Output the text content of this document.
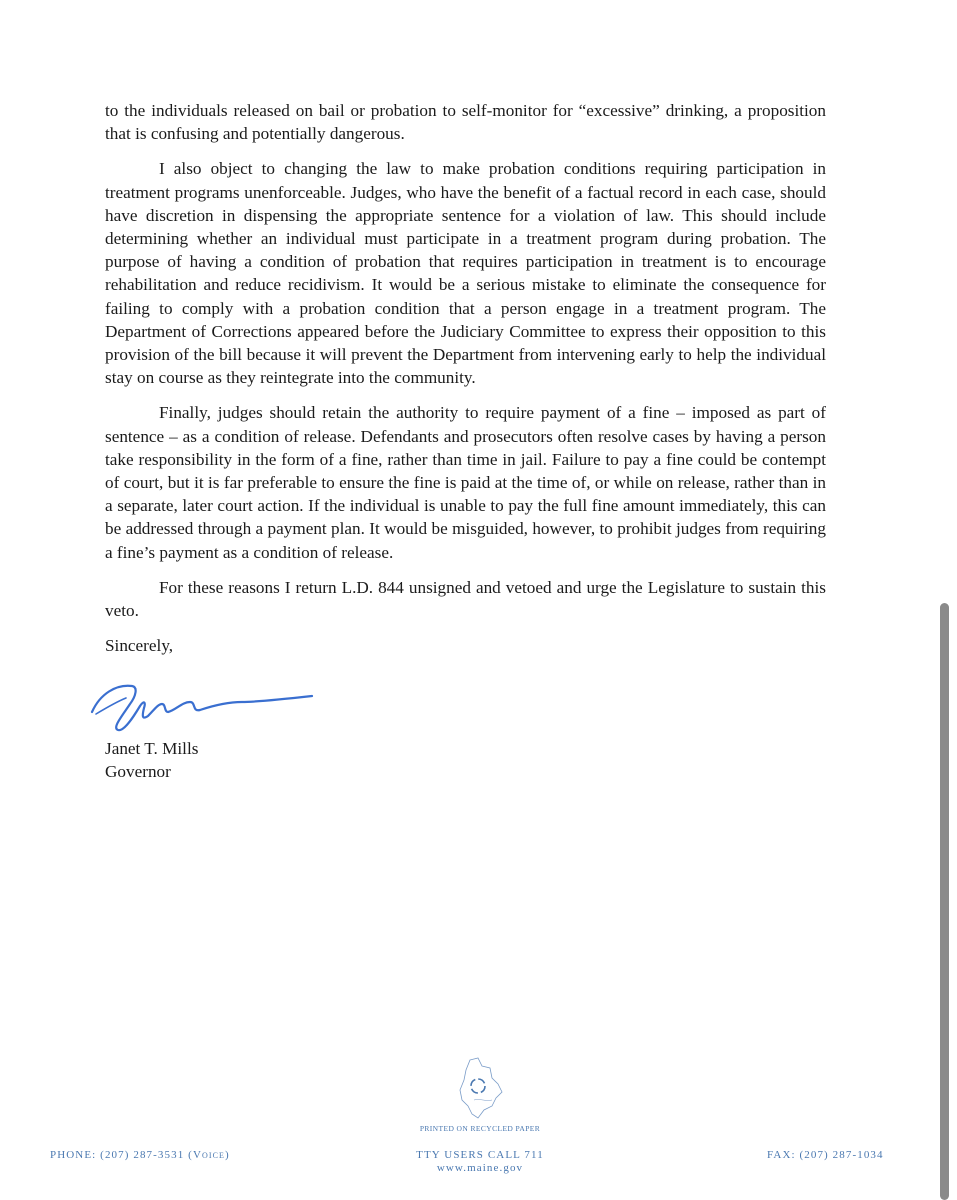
to the individuals released on bail or probation to self-monitor for “excessive” drinking, a proposition that is confusing and potentially dangerous.

I also object to changing the law to make probation conditions requiring participation in treatment programs unenforceable. Judges, who have the benefit of a factual record in each case, should have discretion in dispensing the appropriate sentence for a violation of law. This should include determining whether an individual must participate in a treatment program during probation. The purpose of having a condition of probation that requires participation in treatment is to encourage rehabilitation and reduce recidivism. It would be a serious mistake to eliminate the consequence for failing to comply with a probation condition that a person engage in a treatment program. The Department of Corrections appeared before the Judiciary Committee to express their opposition to this provision of the bill because it will prevent the Department from intervening early to help the individual stay on course as they reintegrate into the community.

Finally, judges should retain the authority to require payment of a fine – imposed as part of sentence – as a condition of release. Defendants and prosecutors often resolve cases by having a person take responsibility in the form of a fine, rather than time in jail. Failure to pay a fine could be contempt of court, but it is far preferable to ensure the fine is paid at the time of, or while on release, rather than in a separate, later court action. If the individual is unable to pay the full fine amount immediately, this can be addressed through a payment plan. It would be misguided, however, to prohibit judges from requiring a fine’s payment as a condition of release.

For these reasons I return L.D. 844 unsigned and vetoed and urge the Legislature to sustain this veto.

Sincerely,

Janet T. Mills
Governor
PRINTED ON RECYCLED PAPER
PHONE: (207) 287-3531 (Voice)	TTY USERS CALL 711
www.maine.gov
FAX: (207) 287-1034
